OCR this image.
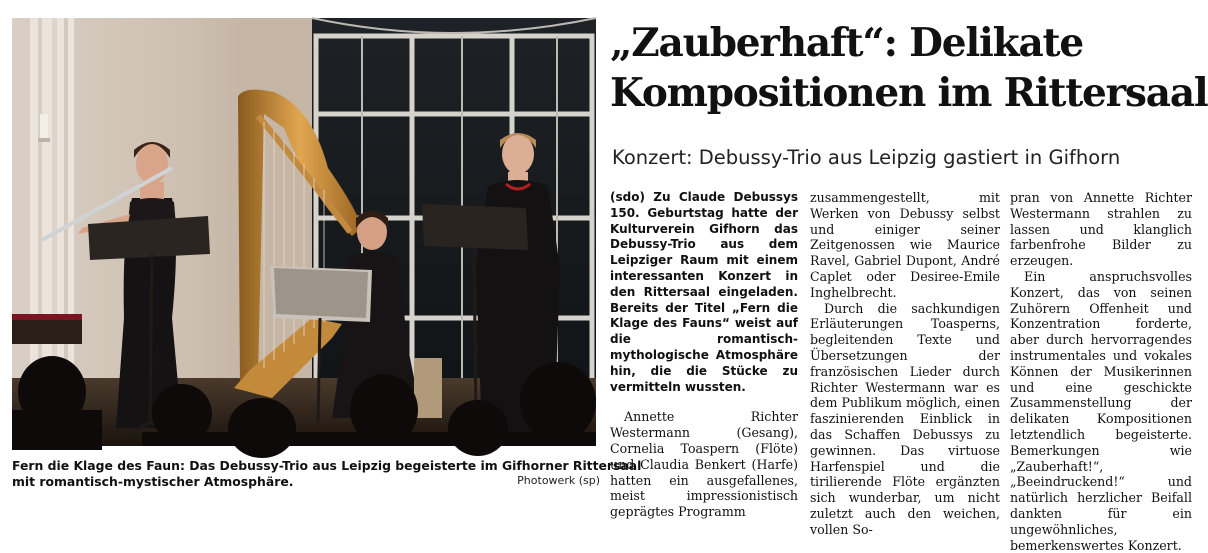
Fern die Klage des Faun: Das Debussy-Trio aus Leipzig begeisterte im Gifhorner Rittersaal
mit romantisch-mystischer Atmosphäre.	Photowerk (sp)
„Zauberhaft“: Delikate
Kompositionen im Rittersaal
Konzert: Debussy-Trio aus Leipzig gastiert in Gifhorn

(sdo) Zu Claude Debussys 150. Geburtstag hatte der Kulturverein Gifhorn das Debussy-Trio aus dem Leipziger Raum mit einem interessanten Konzert in den Rittersaal eingeladen. Bereits der Titel „Fern die Klage des Fauns“ weist auf die romantisch-mythologische Atmosphäre hin, die die Stücke zu vermitteln wussten.

Annette Richter Westermann (Gesang), Cornelia Toaspern (Flöte) und Claudia Benkert (Harfe) hatten ein ausgefallenes, meist impressionistisch geprägtes Programm

zusammengestellt, mit Werken von Debussy selbst und einiger seiner Zeitgenossen wie Maurice Ravel, Gabriel Dupont, André Caplet oder Desiree-Emile Inghelbrecht.

Durch die sachkundigen Erläuterungen Toasperns, begleitenden Texte und Übersetzungen der französischen Lieder durch Richter Westermann war es dem Publikum möglich, einen faszinierenden Einblick in das Schaffen Debussys zu gewinnen. Das virtuose Harfenspiel und die tirilierende Flöte ergänzten sich wunderbar, um nicht zuletzt auch den weichen, vollen So-

pran von Annette Richter Westermann strahlen zu lassen und klanglich farbenfrohe Bilder zu erzeugen.

Ein anspruchsvolles Konzert, das von seinen Zuhörern Offenheit und Konzentration forderte, aber durch hervorragendes instrumentales und vokales Können der Musikerinnen und eine geschickte Zusammenstellung der delikaten Kompositionen letztendlich begeisterte. Bemerkungen wie „Zauberhaft!“, „Beeindruckend!“ und natürlich herzlicher Beifall dankten für ein ungewöhnliches, bemerkenswertes Konzert.
